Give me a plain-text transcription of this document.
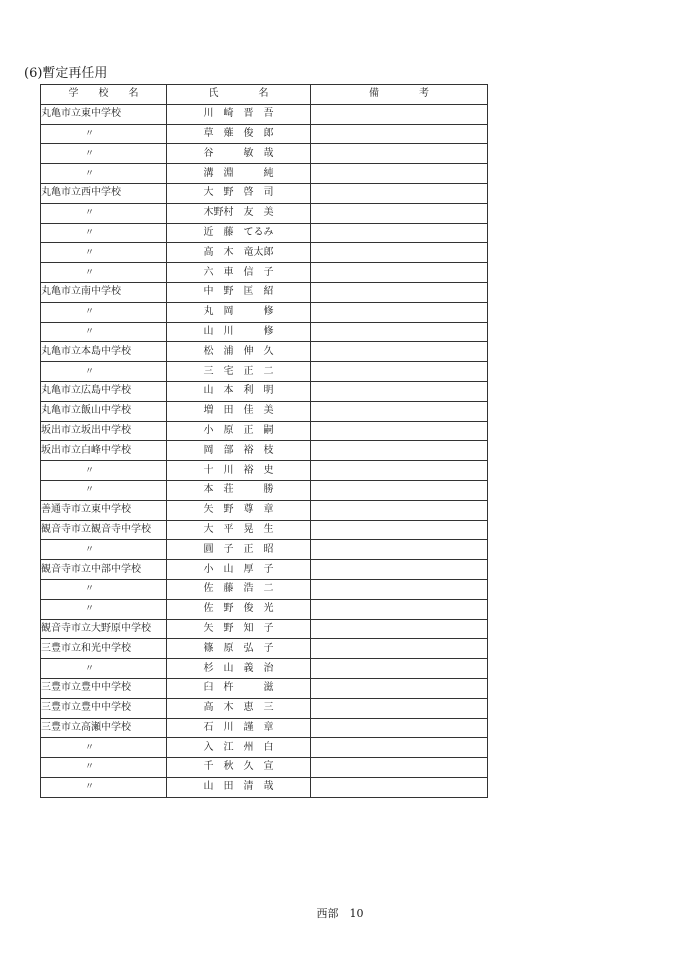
(6)暫定再任用
学　　校　　名	氏　　　　名	備　　　　考
丸亀市立東中学校	川　崎　晋　吾	
〃	草　薙　俊　郎	
〃	谷　　　敏　哉	
〃	溝　淵　　　純	
丸亀市立西中学校	大　野　啓　司	
〃	木野村　友　美	
〃	近　藤　てるみ	
〃	高　木　竜太郎	
〃	六　車　信　子	
丸亀市立南中学校	中　野　匡　紹	
〃	丸　岡　　　修	
〃	山　川　　　修	
丸亀市立本島中学校	松　浦　伸　久	
〃	三　宅　正　二	
丸亀市立広島中学校	山　本　利　明	
丸亀市立飯山中学校	増　田　佳　美	
坂出市立坂出中学校	小　原　正　嗣	
坂出市立白峰中学校	岡　部　裕　枝	
〃	十　川　裕　史	
〃	本　荘　　　勝	
善通寺市立東中学校	矢　野　尊　章	
観音寺市立観音寺中学校	大　平　晃　生	
〃	圓　子　正　昭	
観音寺市立中部中学校	小　山　厚　子	
〃	佐　藤　浩　二	
〃	佐　野　俊　光	
観音寺市立大野原中学校	矢　野　知　子	
三豊市立和光中学校	篠　原　弘　子	
〃	杉　山　義　治	
三豊市立豊中中学校	臼　杵　　　滋	
三豊市立豊中中学校	高　木　恵　三	
三豊市立高瀬中学校	石　川　謹　章	
〃	入　江　州　白	
〃	千　秋　久　宣	
〃	山　田　清　哉	
西部　10
